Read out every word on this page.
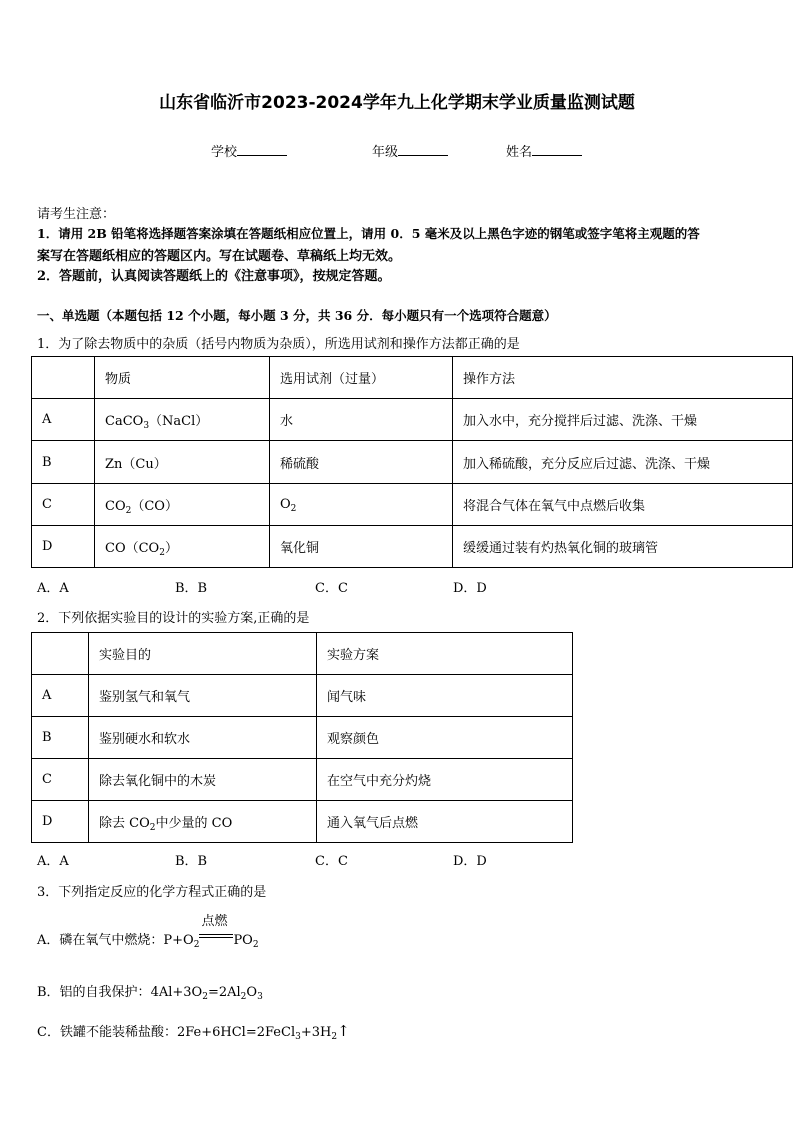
山东省临沂市2023-2024学年九上化学期末学业质量监测试题
学校	年级	姓名
请考生注意：
1．请用 2B 铅笔将选择题答案涂填在答题纸相应位置上，请用 0．5 毫米及以上黑色字迹的钢笔或签字笔将主观题的答
案写在答题纸相应的答题区内。写在试题卷、草稿纸上均无效。
2．答题前，认真阅读答题纸上的《注意事项》，按规定答题。
一、单选题（本题包括 12 个小题，每小题 3 分，共 36 分．每小题只有一个选项符合题意）
1．为了除去物质中的杂质（括号内物质为杂质），所选用试剂和操作方法都正确的是
	物质	选用试剂（过量）	操作方法
A	CaCO$_3$（NaCl）	水	加入水中，充分搅拌后过滤、洗涤、干燥
B	Zn（Cu）	稀硫酸	加入稀硫酸，充分反应后过滤、洗涤、干燥
C	$CO_2(CO)$	$O_2$	将混合气体在氧气中点燃后收集
D	$CO(CO_2)$	氧化铜	缓缓通过装有灼热氧化铜的玻璃管
A．A	B．B	C．C	D．D
2．下列依据实验目的设计的实验方案,正确的是
	实验目的	实验方案
A	鉴别氢气和氧气	闻气味
B	鉴别硬水和软水	观察颜色
C	除去氧化铜中的木炭	在空气中充分灼烧
D	除去 $CO_2$中少量的 CO	通入氧气后点燃
A．A	B．B	C．C	D．D
3．下列指定反应的化学方程式正确的是
A．磷在氧气中燃烧：$P+O_2$
点燃
$PO_2$
B．铝的自我保护：$4Al+3O_2=2Al_2O_3$
C．铁罐不能装稀盐酸：$2Fe+6HCl=2FeCl_3+3H_2↑$
